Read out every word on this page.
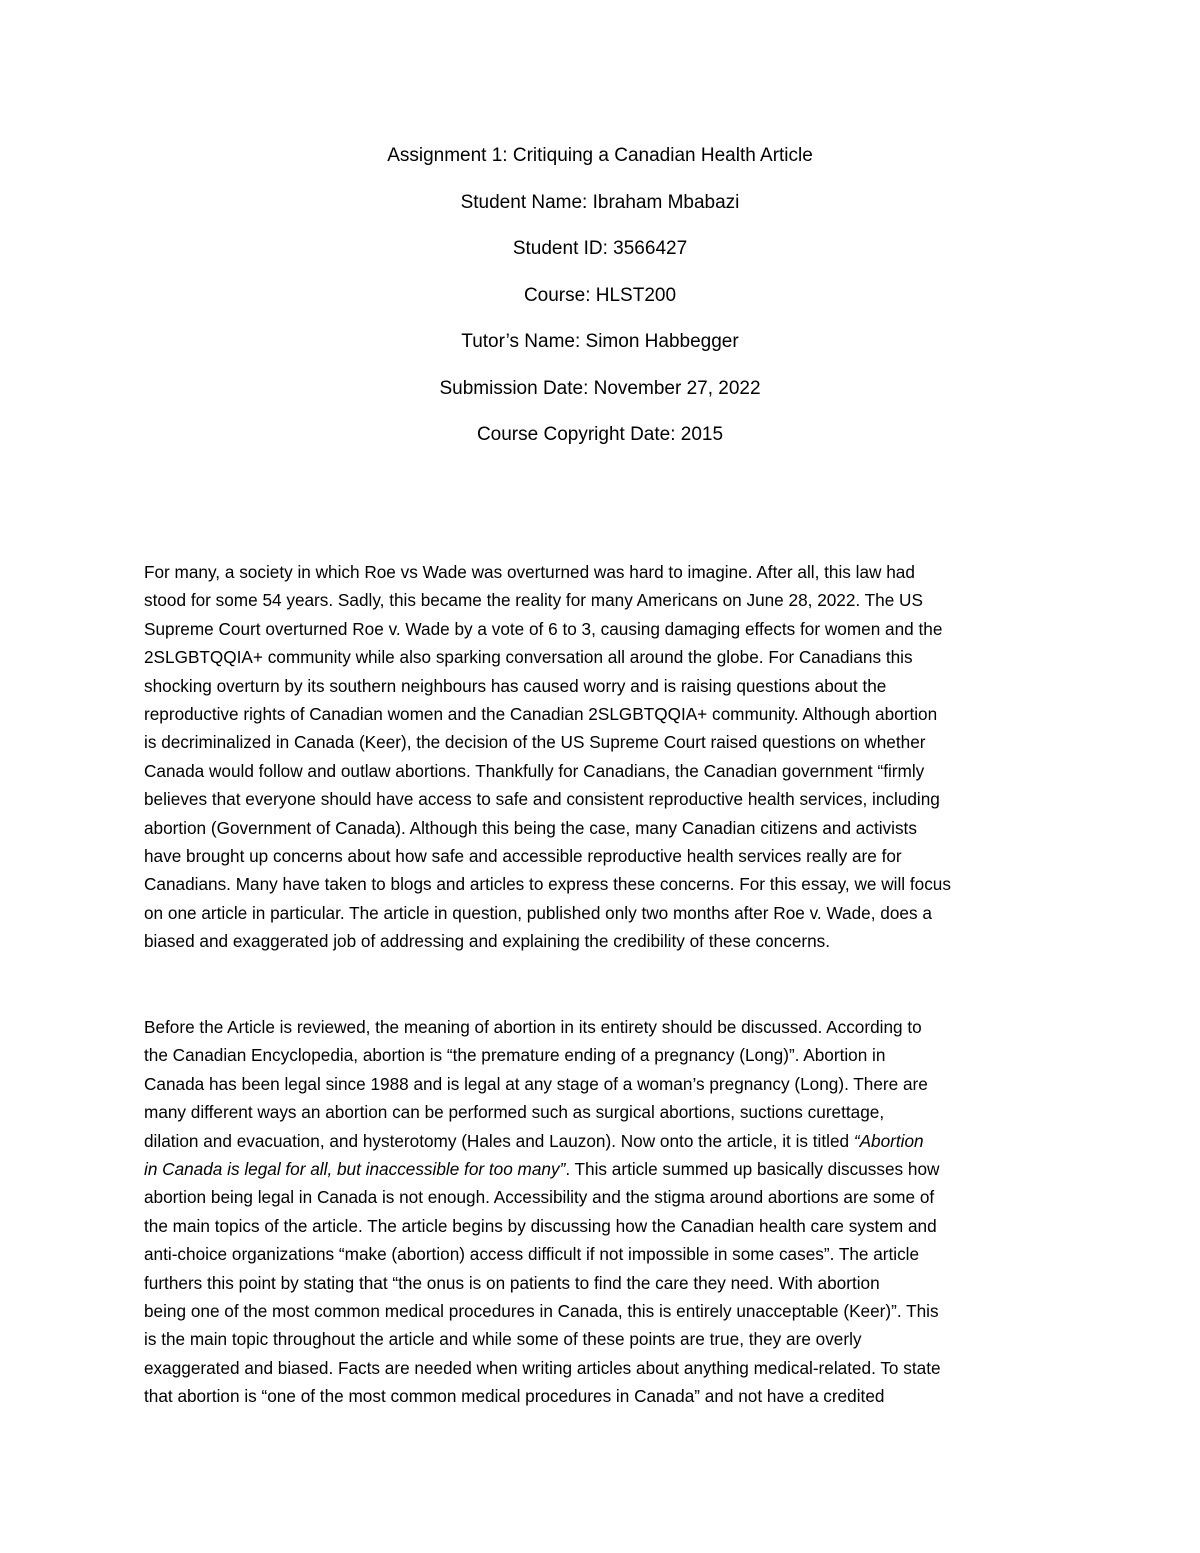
Assignment 1: Critiquing a Canadian Health Article
Student Name: Ibraham Mbabazi
Student ID: 3566427
Course: HLST200
Tutor’s Name: Simon Habbegger
Submission Date: November 27, 2022
Course Copyright Date: 2015
For many, a society in which Roe vs Wade was overturned was hard to imagine. After all, this law had
stood for some 54 years. Sadly, this became the reality for many Americans on June 28, 2022. The US
Supreme Court overturned Roe v. Wade by a vote of 6 to 3, causing damaging effects for women and the
2SLGBTQQIA+ community while also sparking conversation all around the globe. For Canadians this
shocking overturn by its southern neighbours has caused worry and is raising questions about the
reproductive rights of Canadian women and the Canadian 2SLGBTQQIA+ community. Although abortion
is decriminalized in Canada (Keer), the decision of the US Supreme Court raised questions on whether
Canada would follow and outlaw abortions. Thankfully for Canadians, the Canadian government “firmly
believes that everyone should have access to safe and consistent reproductive health services, including
abortion (Government of Canada). Although this being the case, many Canadian citizens and activists
have brought up concerns about how safe and accessible reproductive health services really are for
Canadians. Many have taken to blogs and articles to express these concerns. For this essay, we will focus
on one article in particular. The article in question, published only two months after Roe v. Wade, does a
biased and exaggerated job of addressing and explaining the credibility of these concerns.
Before the Article is reviewed, the meaning of abortion in its entirety should be discussed. According to
the Canadian Encyclopedia, abortion is “the premature ending of a pregnancy (Long)”. Abortion in
Canada has been legal since 1988 and is legal at any stage of a woman’s pregnancy (Long). There are
many different ways an abortion can be performed such as surgical abortions, suctions curettage,
dilation and evacuation, and hysterotomy (Hales and Lauzon). Now onto the article, it is titled “Abortion
in Canada is legal for all, but inaccessible for too many”. This article summed up basically discusses how
abortion being legal in Canada is not enough. Accessibility and the stigma around abortions are some of
the main topics of the article. The article begins by discussing how the Canadian health care system and
anti-choice organizations “make (abortion) access difficult if not impossible in some cases”. The article
furthers this point by stating that “the onus is on patients to find the care they need. With abortion
being one of the most common medical procedures in Canada, this is entirely unacceptable (Keer)”. This
is the main topic throughout the article and while some of these points are true, they are overly
exaggerated and biased. Facts are needed when writing articles about anything medical-related. To state
that abortion is “one of the most common medical procedures in Canada” and not have a credited
